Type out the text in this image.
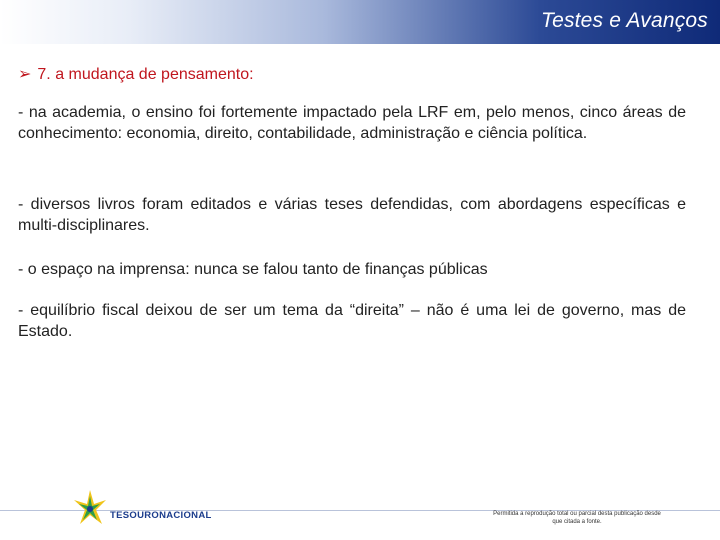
Testes e Avanços
➢ 7. a mudança de pensamento:

- na academia, o ensino foi fortemente impactado pela LRF em, pelo menos, cinco áreas de conhecimento: economia, direito, contabilidade, administração e ciência política.

- diversos livros foram editados e várias teses defendidas, com abordagens específicas e multi-disciplinares.

- o espaço na imprensa: nunca se falou tanto de finanças públicas

- equilíbrio fiscal deixou de ser um tema da “direita” – não é uma lei de governo, mas de Estado.

TESOURONACIONAL	Permitida a reprodução total ou parcial desta publicação desde que citada a fonte.
